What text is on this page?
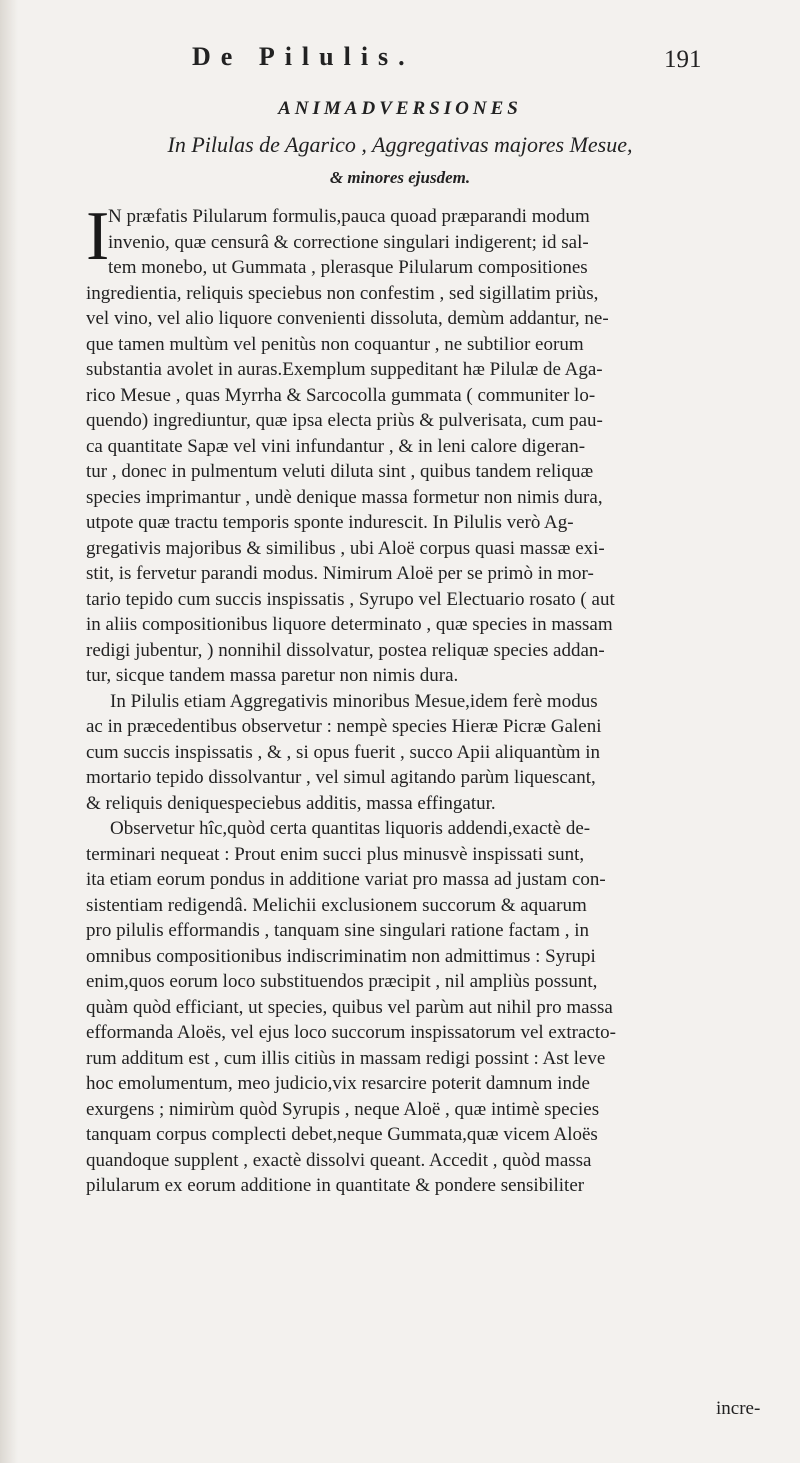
De Pilulis.	191
ANIMADVERSIONES
In Pilulas de Agarico , Aggregativas majores Mesue,
& minores ejusdem.
I
N præfatis Pilularum formulis,pauca quoad præparandi modum
invenio, quæ censurâ & correctione singulari indigerent; id sal-
tem monebo, ut Gummata , plerasque Pilularum compositiones
ingredientia, reliquis speciebus non confestim , sed sigillatim priùs,
vel vino, vel alio liquore convenienti dissoluta, demùm addantur, ne-
que tamen multùm vel penitùs non coquantur , ne subtilior eorum
substantia avolet in auras.Exemplum suppeditant hæ Pilulæ de Aga-
rico Mesue , quas Myrrha & Sarcocolla gummata ( communiter lo-
quendo) ingrediuntur, quæ ipsa electa priùs & pulverisata, cum pau-
ca quantitate Sapæ vel vini infundantur , & in leni calore digeran-
tur , donec in pulmentum veluti diluta sint , quibus tandem reliquæ
species imprimantur , undè denique massa formetur non nimis dura,
utpote quæ tractu temporis sponte indurescit. In Pilulis verò Ag-
gregativis majoribus & similibus , ubi Aloë corpus quasi massæ exi-
stit, is fervetur parandi modus. Nimirum Aloë per se primò in mor-
tario tepido cum succis inspissatis , Syrupo vel Electuario rosato ( aut
in aliis compositionibus liquore determinato , quæ species in massam
redigi jubentur, ) nonnihil dissolvatur, postea reliquæ species addan-
tur, sicque tandem massa paretur non nimis dura.
In Pilulis etiam Aggregativis minoribus Mesue,idem ferè modus
ac in præcedentibus observetur : nempè species Hieræ Picræ Galeni
cum succis inspissatis , & , si opus fuerit , succo Apii aliquantùm in
mortario tepido dissolvantur , vel simul agitando parùm liquescant,
& reliquis deniquespeciebus additis, massa effingatur.
Observetur hîc,quòd certa quantitas liquoris addendi,exactè de-
terminari nequeat : Prout enim succi plus minusvè inspissati sunt,
ita etiam eorum pondus in additione variat pro massa ad justam con-
sistentiam redigendâ. Melichii exclusionem succorum & aquarum
pro pilulis efformandis , tanquam sine singulari ratione factam , in
omnibus compositionibus indiscriminatim non admittimus : Syrupi
enim,quos eorum loco substituendos præcipit , nil ampliùs possunt,
quàm quòd efficiant, ut species, quibus vel parùm aut nihil pro massa
efformanda Aloës, vel ejus loco succorum inspissatorum vel extracto-
rum additum est , cum illis citiùs in massam redigi possint : Ast leve
hoc emolumentum, meo judicio,vix resarcire poterit damnum inde
exurgens ; nimirùm quòd Syrupis , neque Aloë , quæ intimè species
tanquam corpus complecti debet,neque Gummata,quæ vicem Aloës
quandoque supplent , exactè dissolvi queant. Accedit , quòd massa
pilularum ex eorum additione in quantitate & pondere sensibiliter
incre-
